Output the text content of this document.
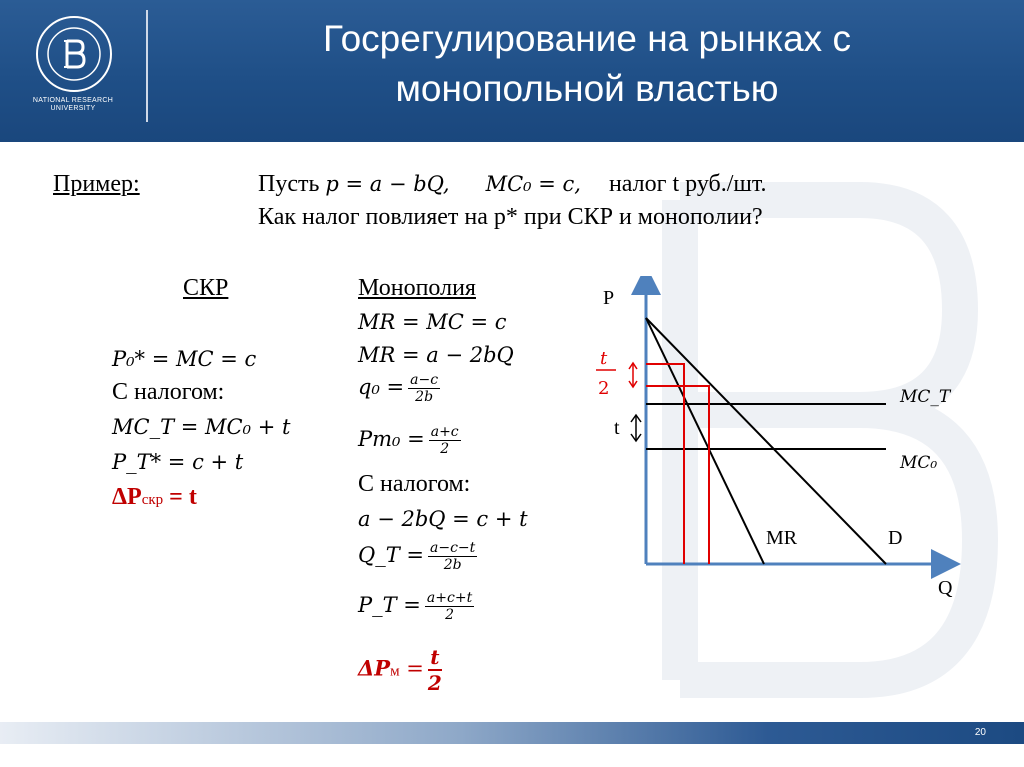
NATIONAL RESEARCH
UNIVERSITY
Госрегулирование на рынках с
монопольной властью
Пример:	Пусть p = a − bQ, MC₀ = c, налог t руб./шт.
Как налог повлияет на p* при СКР и монополии?
СКР
P₀* = MC = c
С налогом:
MC_T = MC₀ + t
P_T* = c + t
ΔPскр = t
Монополия
MR = MC = c
MR = a − 2bQ
$q_0 = \frac{a-c}{2b}$
$Pm_0 = \frac{a+c}{2}$
С налогом:
a − 2bQ = c + t
Q_T = $\frac{a-c-t}{2b}$
P_T = $\frac{a+c+t}{2}$
$\Delta Pм = \frac{t}{2}$
P
Q
MC_T
MC₀
MR	D
t
t
2
20
